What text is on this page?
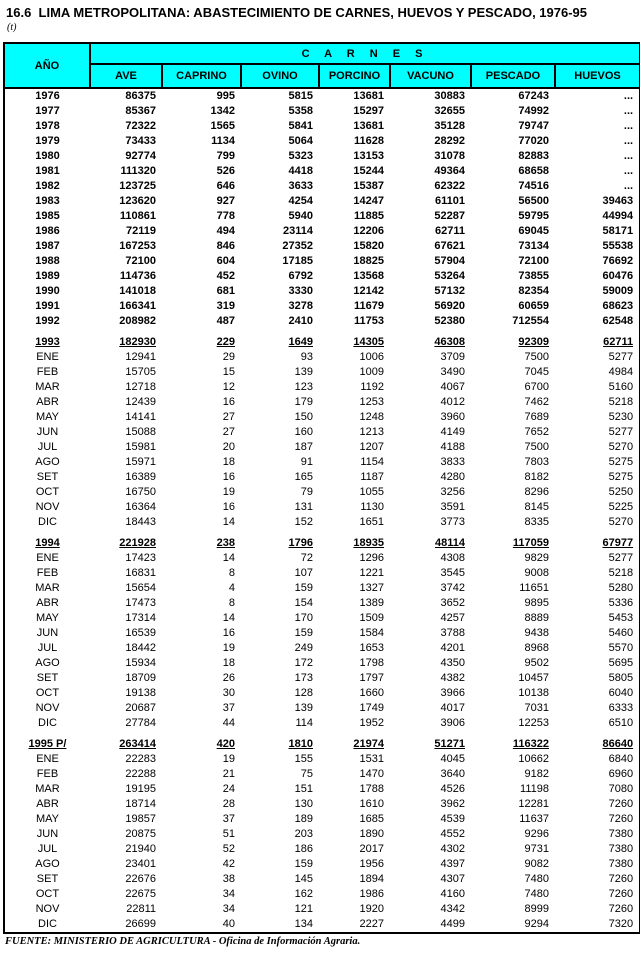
16.6  LIMA METROPOLITANA: ABASTECIMIENTO DE CARNES, HUEVOS Y PESCADO, 1976-95
(t)
AÑO	C A R N E S						
	AVE	CAPRINO	OVINO	PORCINO	VACUNO	PESCADO	HUEVOS
1976	86375	995	5815	13681	30883	67243	...
1977	85367	1342	5358	15297	32655	74992	...
1978	72322	1565	5841	13681	35128	79747	...
1979	73433	1134	5064	11628	28292	77020	...
1980	92774	799	5323	13153	31078	82883	...
1981	111320	526	4418	15244	49364	68658	...
1982	123725	646	3633	15387	62322	74516	...
1983	123620	927	4254	14247	61101	56500	39463
1985	110861	778	5940	11885	52287	59795	44994
1986	72119	494	23114	12206	62711	69045	58171
1987	167253	846	27352	15820	67621	73134	55538
1988	72100	604	17185	18825	57904	72100	76692
1989	114736	452	6792	13568	53264	73855	60476
1990	141018	681	3330	12142	57132	82354	59009
1991	166341	319	3278	11679	56920	60659	68623
1992	208982	487	2410	11753	52380	712554	62548

1993	182930	229	1649	14305	46308	92309	62711
ENE	12941	29	93	1006	3709	7500	5277
FEB	15705	15	139	1009	3490	7045	4984
MAR	12718	12	123	1192	4067	6700	5160
ABR	12439	16	179	1253	4012	7462	5218
MAY	14141	27	150	1248	3960	7689	5230
JUN	15088	27	160	1213	4149	7652	5277
JUL	15981	20	187	1207	4188	7500	5270
AGO	15971	18	91	1154	3833	7803	5275
SET	16389	16	165	1187	4280	8182	5275
OCT	16750	19	79	1055	3256	8296	5250
NOV	16364	16	131	1130	3591	8145	5225
DIC	18443	14	152	1651	3773	8335	5270

1994	221928	238	1796	18935	48114	117059	67977
ENE	17423	14	72	1296	4308	9829	5277
FEB	16831	8	107	1221	3545	9008	5218
MAR	15654	4	159	1327	3742	11651	5280
ABR	17473	8	154	1389	3652	9895	5336
MAY	17314	14	170	1509	4257	8889	5453
JUN	16539	16	159	1584	3788	9438	5460
JUL	18442	19	249	1653	4201	8968	5570
AGO	15934	18	172	1798	4350	9502	5695
SET	18709	26	173	1797	4382	10457	5805
OCT	19138	30	128	1660	3966	10138	6040
NOV	20687	37	139	1749	4017	7031	6333
DIC	27784	44	114	1952	3906	12253	6510

1995 P/	263414	420	1810	21974	51271	116322	86640
ENE	22283	19	155	1531	4045	10662	6840
FEB	22288	21	75	1470	3640	9182	6960
MAR	19195	24	151	1788	4526	11198	7080
ABR	18714	28	130	1610	3962	12281	7260
MAY	19857	37	189	1685	4539	11637	7260
JUN	20875	51	203	1890	4552	9296	7380
JUL	21940	52	186	2017	4302	9731	7380
AGO	23401	42	159	1956	4397	9082	7380
SET	22676	38	145	1894	4307	7480	7260
OCT	22675	34	162	1986	4160	7480	7260
NOV	22811	34	121	1920	4342	8999	7260
DIC	26699	40	134	2227	4499	9294	7320
FUENTE: MINISTERIO DE AGRICULTURA - Oficina de Información Agraria.
